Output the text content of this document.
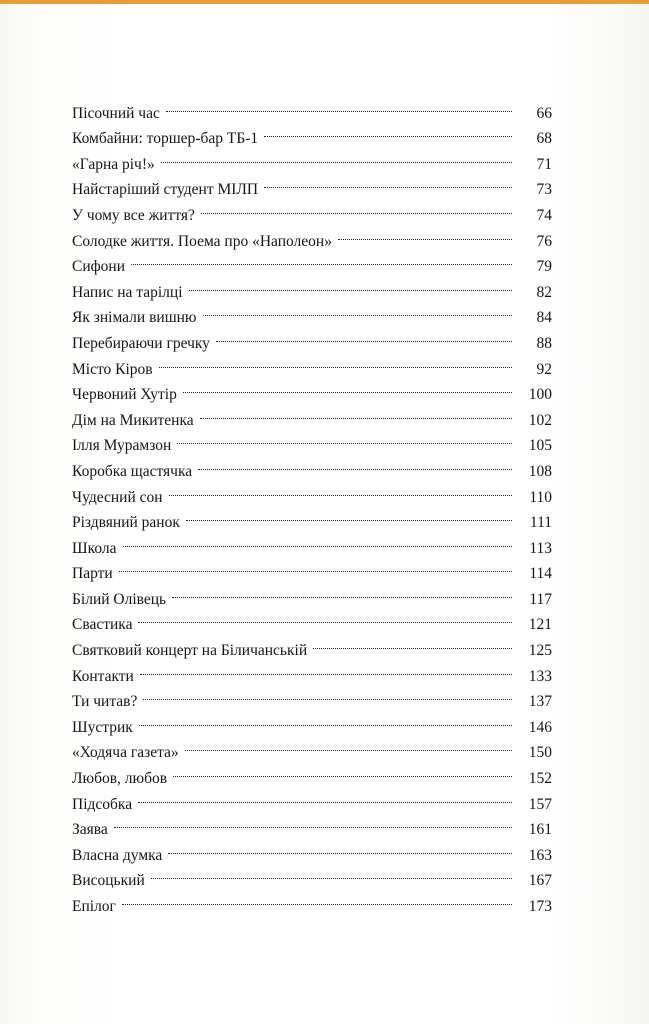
Пісочний час	66
Комбайни: торшер-бар ТБ-1	68
«Гарна річ!»	71
Найстаріший студент МІЛП	73
У чому все життя?	74
Солодке життя. Поема про «Наполеон»	76
Сифони	79
Напис на тарілці	82
Як знімали вишню	84
Перебираючи гречку	88
Місто Кіров	92
Червоний Хутір	100
Дім на Микитенка	102
Ілля Мурамзон	105
Коробка щастячка	108
Чудесний сон	110
Різдвяний ранок	111
Школа	113
Парти	114
Білий Олівець	117
Свастика	121
Святковий концерт на Біличанській	125
Контакти	133
Ти читав?	137
Шустрик	146
«Ходяча газета»	150
Любов, любов	152
Підсобка	157
Заява	161
Власна думка	163
Висоцький	167
Епілог	173
